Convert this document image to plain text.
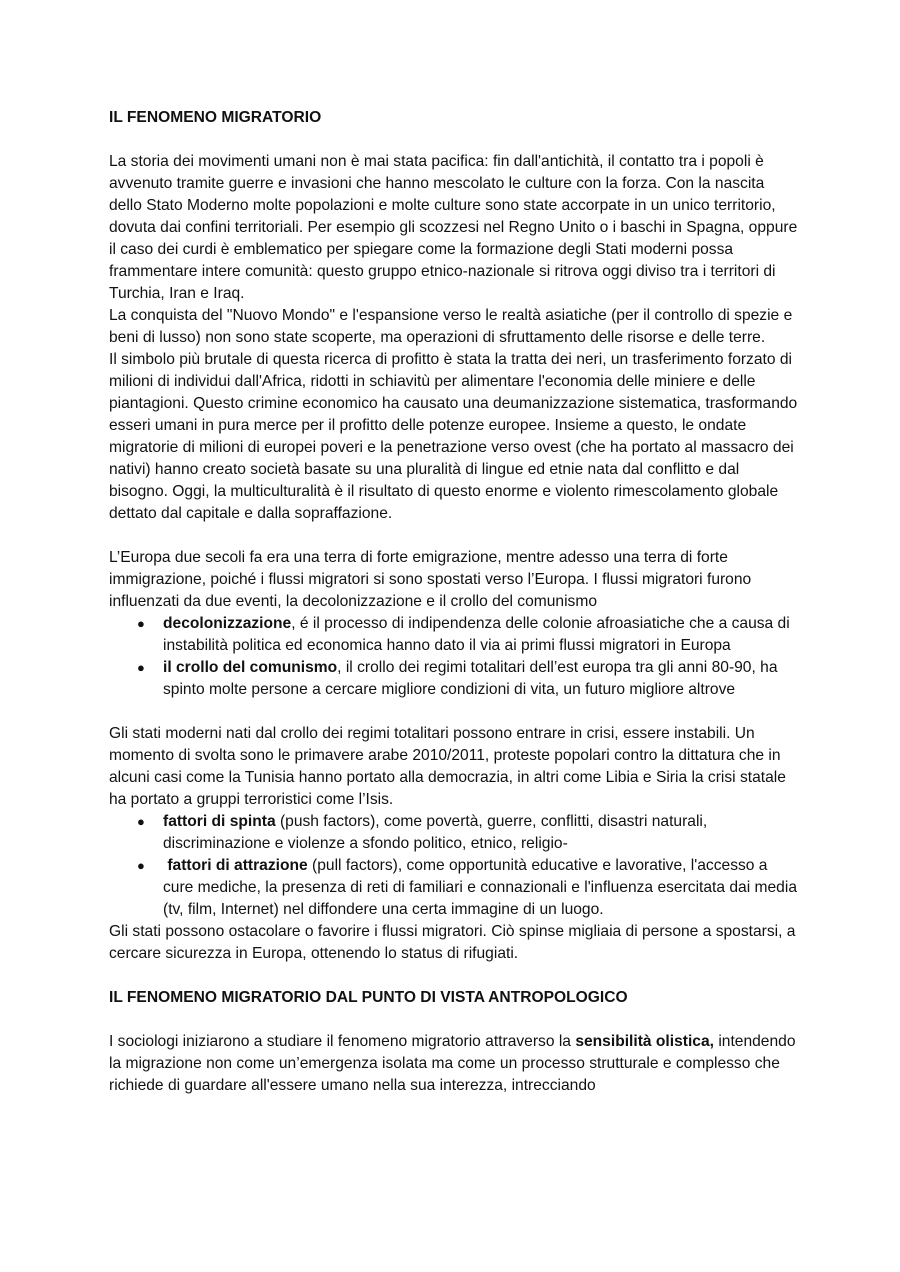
IL FENOMENO MIGRATORIO

La storia dei movimenti umani non è mai stata pacifica: fin dall'antichità, il contatto tra i popoli è avvenuto tramite guerre e invasioni che hanno mescolato le culture con la forza. Con la nascita dello Stato Moderno molte popolazioni e molte culture sono state accorpate in un unico territorio, dovuta dai confini territoriali. Per esempio gli scozzesi nel Regno Unito o i baschi in Spagna, oppure il caso dei curdi è emblematico per spiegare come la formazione degli Stati moderni possa frammentare intere comunità: questo gruppo etnico-nazionale si ritrova oggi diviso tra i territori di Turchia, Iran e Iraq.

La conquista del "Nuovo Mondo" e l'espansione verso le realtà asiatiche (per il controllo di spezie e beni di lusso) non sono state scoperte, ma operazioni di sfruttamento delle risorse e delle terre.

Il simbolo più brutale di questa ricerca di profitto è stata la tratta dei neri, un trasferimento forzato di milioni di individui dall'Africa, ridotti in schiavitù per alimentare l'economia delle miniere e delle piantagioni. Questo crimine economico ha causato una deumanizzazione sistematica, trasformando esseri umani in pura merce per il profitto delle potenze europee. Insieme a questo, le ondate migratorie di milioni di europei poveri e la penetrazione verso ovest (che ha portato al massacro dei nativi) hanno creato società basate su una pluralità di lingue ed etnie nata dal conflitto e dal bisogno. Oggi, la multiculturalità è il risultato di questo enorme e violento rimescolamento globale dettato dal capitale e dalla sopraffazione.

L’Europa due secoli fa era una terra di forte emigrazione, mentre adesso una terra di forte immigrazione, poiché i flussi migratori si sono spostati verso l’Europa. I flussi migratori furono influenzati da due eventi, la decolonizzazione e il crollo del comunismo

● decolonizzazione, é il processo di indipendenza delle colonie afroasiatiche che a causa di instabilità politica ed economica hanno dato il via ai primi flussi migratori in Europa
● il crollo del comunismo, il crollo dei regimi totalitari dell’est europa tra gli anni 80-90, ha spinto molte persone a cercare migliore condizioni di vita, un futuro migliore altrove

Gli stati moderni nati dal crollo dei regimi totalitari possono entrare in crisi, essere instabili. Un momento di svolta sono le primavere arabe 2010/2011, proteste popolari contro la dittatura che in alcuni casi come la Tunisia hanno portato alla democrazia, in altri come Libia e Siria la crisi statale ha portato a gruppi terroristici come l’Isis.

● fattori di spinta (push factors), come povertà, guerre, conflitti, disastri naturali, discriminazione e violenze a sfondo politico, etnico, religio-
● fattori di attrazione (pull factors), come opportunità educative e lavorative, l'accesso a cure mediche, la presenza di reti di familiari e connazionali e l'influenza esercitata dai media (tv, film, Internet) nel diffondere una certa immagine di un luogo.

Gli stati possono ostacolare o favorire i flussi migratori. Ciò spinse migliaia di persone a spostarsi, a cercare sicurezza in Europa, ottenendo lo status di rifugiati.

IL FENOMENO MIGRATORIO DAL PUNTO DI VISTA ANTROPOLOGICO

I sociologi iniziarono a studiare il fenomeno migratorio attraverso la sensibilità olistica, intendendo la migrazione non come un’emergenza isolata ma come un processo strutturale e complesso che richiede di guardare all'essere umano nella sua interezza, intrecciando
